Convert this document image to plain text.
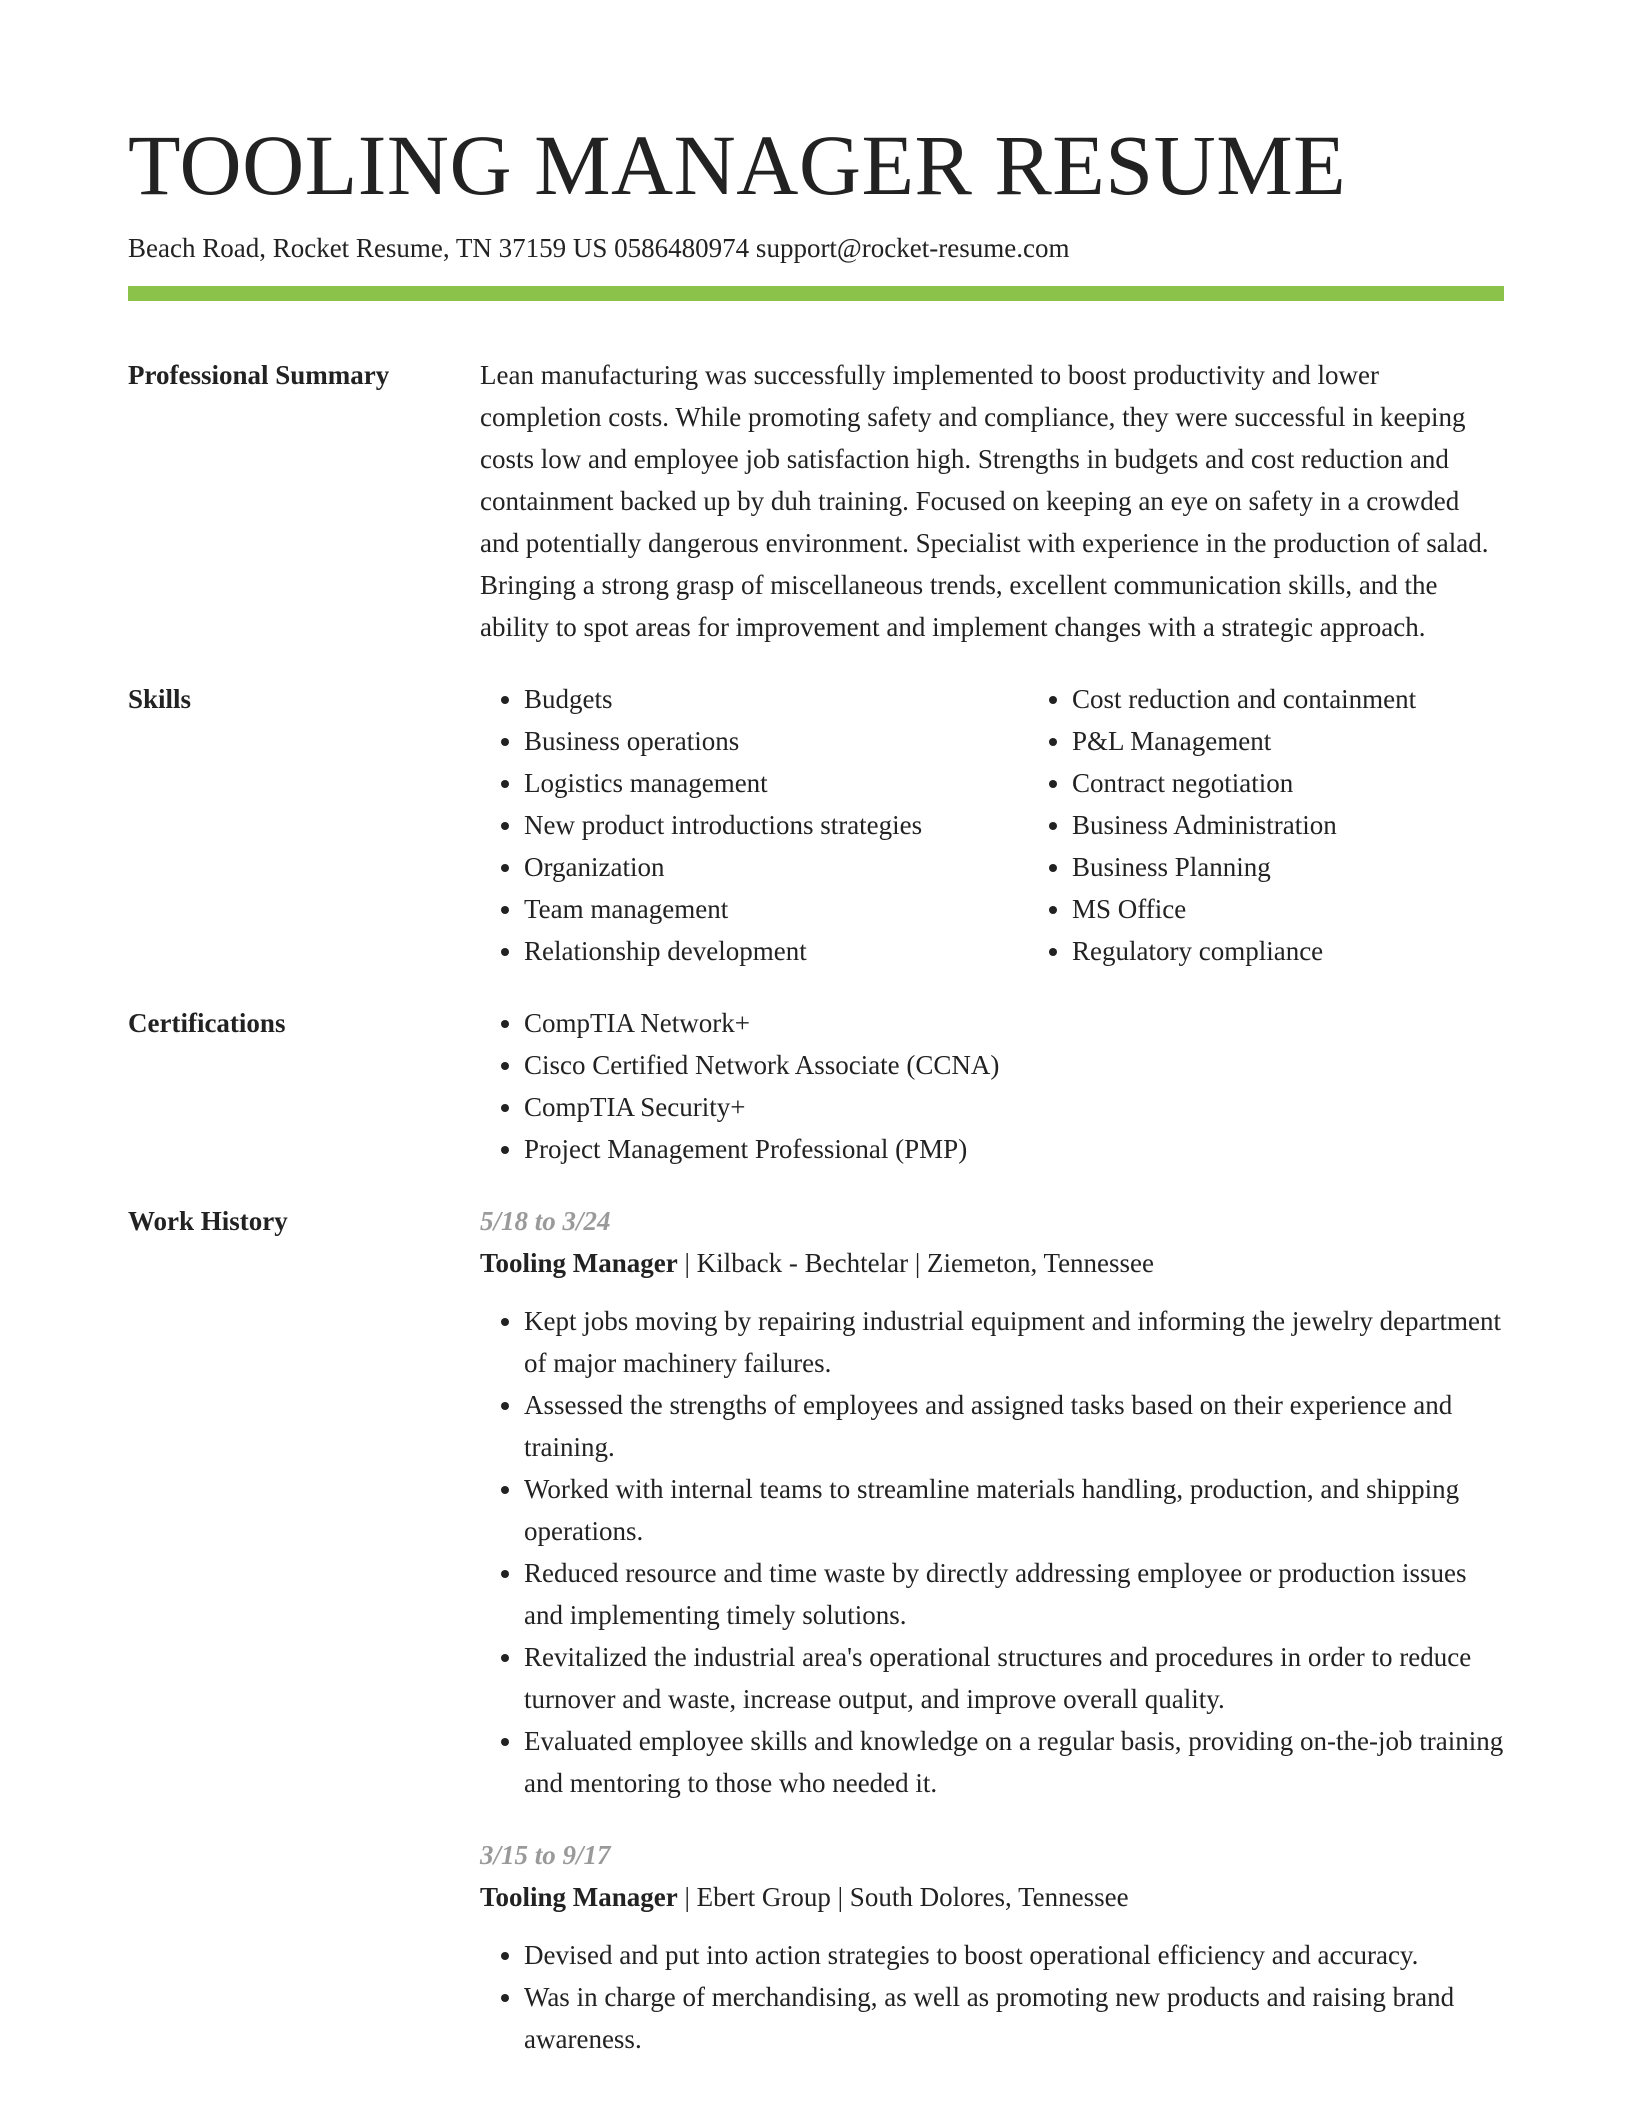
TOOLING MANAGER RESUME
Beach Road, Rocket Resume, TN 37159 US 0586480974 support@rocket-resume.com
Professional Summary	Lean manufacturing was successfully implemented to boost productivity and lower completion costs. While promoting safety and compliance, they were successful in keeping costs low and employee job satisfaction high. Strengths in budgets and cost reduction and containment backed up by duh training. Focused on keeping an eye on safety in a crowded and potentially dangerous environment. Specialist with experience in the production of salad. Bringing a strong grasp of miscellaneous trends, excellent communication skills, and the ability to spot areas for improvement and implement changes with a strategic approach.

Skills	• Budgets
• Business operations
• Logistics management
• New product introductions strategies
• Organization
• Team management
• Relationship development
• Cost reduction and containment
• P&L Management
• Contract negotiation
• Business Administration
• Business Planning
• MS Office
• Regulatory compliance
Certifications	• CompTIA Network+
• Cisco Certified Network Associate (CCNA)
• CompTIA Security+
• Project Management Professional (PMP)
Work History	5/18 to 3/24
Tooling Manager | Kilback - Bechtelar | Ziemeton, Tennessee
• Kept jobs moving by repairing industrial equipment and informing the jewelry department of major machinery failures.
• Assessed the strengths of employees and assigned tasks based on their experience and training.
• Worked with internal teams to streamline materials handling, production, and shipping operations.
• Reduced resource and time waste by directly addressing employee or production issues and implementing timely solutions.
• Revitalized the industrial area's operational structures and procedures in order to reduce turnover and waste, increase output, and improve overall quality.
• Evaluated employee skills and knowledge on a regular basis, providing on-the-job training and mentoring to those who needed it.
3/15 to 9/17
Tooling Manager | Ebert Group | South Dolores, Tennessee
• Devised and put into action strategies to boost operational efficiency and accuracy.
• Was in charge of merchandising, as well as promoting new products and raising brand awareness.
